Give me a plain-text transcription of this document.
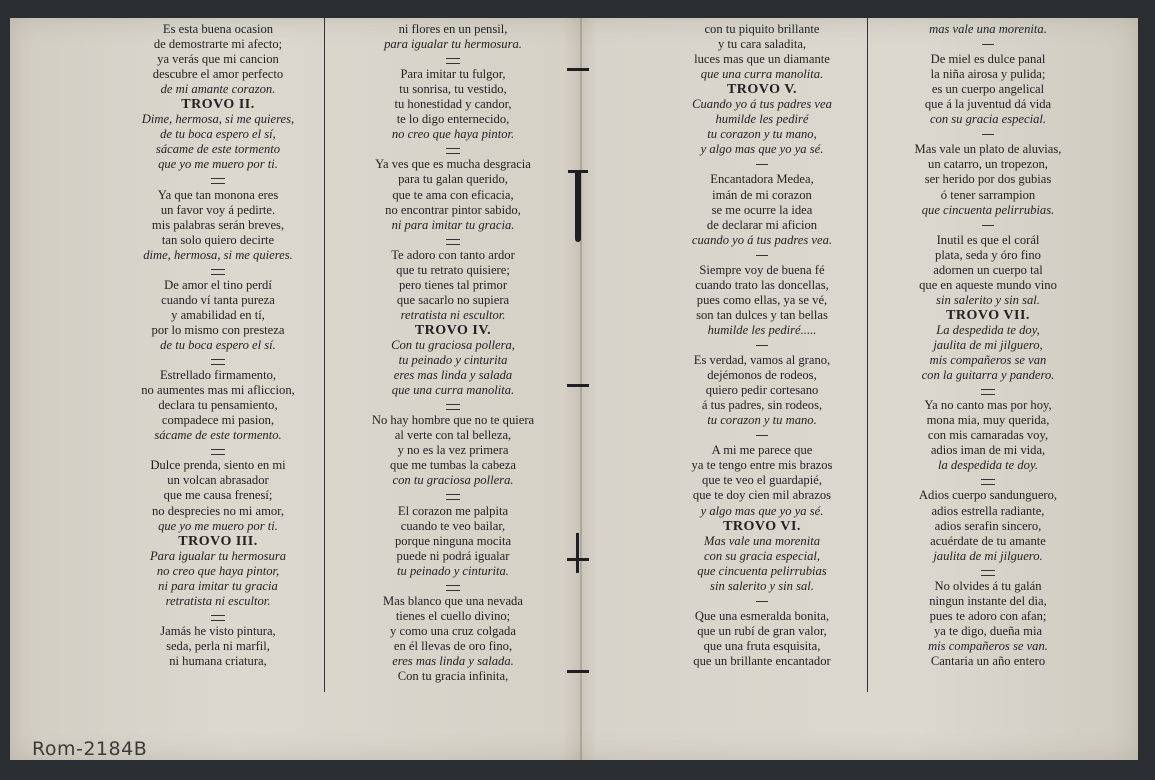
Es esta buena ocasion
de demostrarte mi afecto;
ya verás que mi cancion
descubre el amor perfecto
de mi amante corazon.
TROVO II.
Dime, hermosa, si me quieres,
de tu boca espero el sí,
sácame de este tormento
que yo me muero por ti.
Ya que tan monona eres
un favor voy á pedirte.
mis palabras serán breves,
tan solo quiero decirte
dime, hermosa, si me quieres.
De amor el tino perdí
cuando ví tanta pureza
y amabilidad en tí,
por lo mismo con presteza
de tu boca espero el sí.
Estrellado firmamento,
no aumentes mas mi afliccion,
declara tu pensamiento,
compadece mi pasion,
sácame de este tormento.
Dulce prenda, siento en mi
un volcan abrasador
que me causa frenesí;
no desprecies no mi amor,
que yo me muero por ti.
TROVO III.
Para igualar tu hermosura
no creo que haya pintor,
ni para imitar tu gracia
retratista ni escultor.
Jamás he visto pintura,
seda, perla ni marfil,
ni humana criatura,
ni flores en un pensil,
para igualar tu hermosura.
Para imitar tu fulgor,
tu sonrisa, tu vestido,
tu honestidad y candor,
te lo digo enternecido,
no creo que haya pintor.
Ya ves que es mucha desgracia
para tu galan querido,
que te ama con eficacia,
no encontrar pintor sabido,
ni para imitar tu gracia.
Te adoro con tanto ardor
que tu retrato quisiere;
pero tienes tal primor
que sacarlo no supiera
retratista ni escultor.
TROVO IV.
Con tu graciosa pollera,
tu peinado y cinturita
eres mas linda y salada
que una curra manolita.
No hay hombre que no te quiera
al verte con tal belleza,
y no es la vez primera
que me tumbas la cabeza
con tu graciosa pollera.
El corazon me palpita
cuando te veo bailar,
porque ninguna mocita
puede ni podrá igualar
tu peinado y cinturita.
Mas blanco que una nevada
tienes el cuello divino;
y como una cruz colgada
en él llevas de oro fino,
eres mas linda y salada.
Con tu gracia infinita,
con tu piquito brillante
y tu cara saladita,
luces mas que un diamante
que una curra manolita.
TROVO V.
Cuando yo á tus padres vea
humilde les pediré
tu corazon y tu mano,
y algo mas que yo ya sé.
Encantadora Medea,
imán de mi corazon
se me ocurre la idea
de declarar mi aficion
cuando yo á tus padres vea.
Siempre voy de buena fé
cuando trato las doncellas,
pues como ellas, ya se vé,
son tan dulces y tan bellas
humilde les pediré.....
Es verdad, vamos al grano,
dejémonos de rodeos,
quiero pedir cortesano
á tus padres, sin rodeos,
tu corazon y tu mano.
A mi me parece que
ya te tengo entre mis brazos
que te veo el guardapié,
que te doy cien mil abrazos
y algo mas que yo ya sé.
TROVO VI.
Mas vale una morenita
con su gracia especial,
que cincuenta pelirrubias
sin salerito y sin sal.
Que una esmeralda bonita,
que un rubí de gran valor,
que una fruta esquisita,
que un brillante encantador
mas vale una morenita.
De miel es dulce panal
la niña airosa y pulida;
es un cuerpo angelical
que á la juventud dá vida
con su gracia especial.
Mas vale un plato de aluvias,
un catarro, un tropezon,
ser herido por dos gubias
ó tener sarrampion
que cincuenta pelirrubias.
Inutil es que el corál
plata, seda y óro fino
adornen un cuerpo tal
que en aqueste mundo vino
sin salerito y sin sal.
TROVO VII.
La despedida te doy,
jaulita de mi jilguero,
mis compañeros se van
con la guitarra y pandero.
Ya no canto mas por hoy,
mona mia, muy querida,
con mis camaradas voy,
adios iman de mi vida,
la despedida te doy.
Adios cuerpo sandunguero,
adios estrella radiante,
adios serafin sincero,
acuérdate de tu amante
jaulita de mi jilguero.
No olvides á tu galán
ningun instante del dia,
pues te adoro con afan;
ya te digo, dueña mia
mis compañeros se van.
Cantaria un año entero
Rom-2184B
